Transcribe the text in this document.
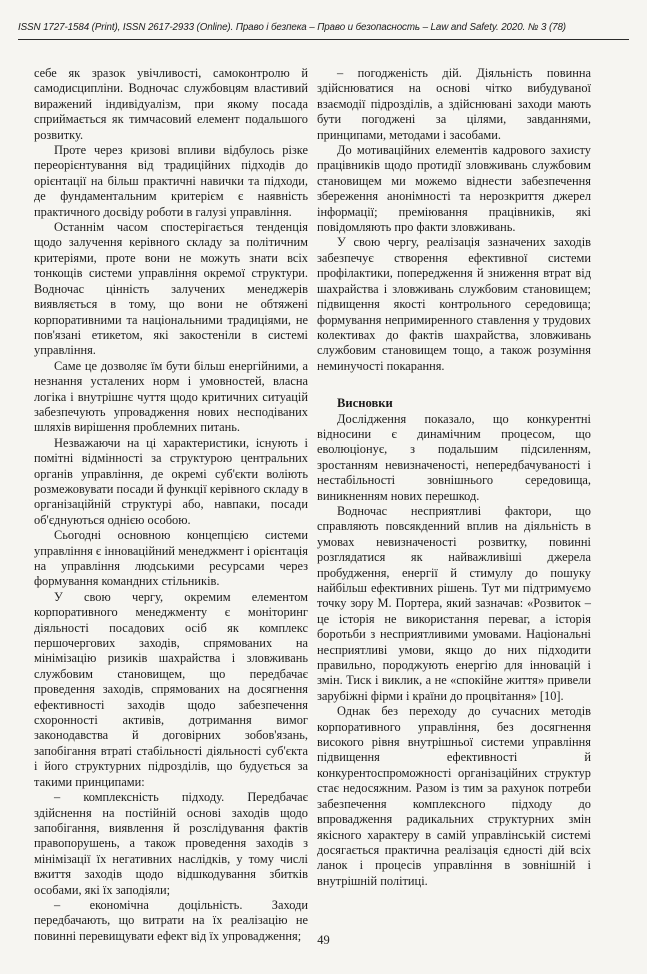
ISSN 1727-1584 (Print), ISSN 2617-2933 (Online). Право і безпека – Право и безопасность – Law and Safety. 2020. № 3 (78)

себе як зразок увічливості, самоконтролю й самодисципліни. Водночас службовцям властивий виражений індивідуалізм, при якому посада сприймається як тимчасовий елемент подальшого розвитку.

Проте через кризові впливи відбулось різке переорієнтування від традиційних підходів до орієнтації на більш практичні навички та підходи, де фундаментальним критерієм є наявність практичного досвіду роботи в галузі управління.

Останнім часом спостерігається тенденція щодо залучення керівного складу за політичним критеріями, проте вони не можуть знати всіх тонкощів системи управління окремої структури. Водночас цінність залучених менеджерів виявляється в тому, що вони не обтяжені корпоративними та національними традиціями, не пов'язані етикетом, які закостеніли в системі управління.

Саме це дозволяє їм бути більш енергійними, а незнання усталених норм і умовностей, власна логіка і внутрішнє чуття щодо критичних ситуацій забезпечують упровадження нових несподіваних шляхів вирішення проблемних питань.

Незважаючи на ці характеристики, існують і помітні відмінності за структурою центральних органів управління, де окремі суб'єкти воліють розмежовувати посади й функції керівного складу в організаційній структурі або, навпаки, посади об'єднуються однією особою.

Сьогодні основною концепцією системи управління є інноваційний менеджмент і орієнтація на управління людськими ресурсами через формування командних стільників.

У свою чергу, окремим елементом корпоративного менеджменту є моніторинг діяльності посадових осіб як комплекс першочергових заходів, спрямованих на мінімізацію ризиків шахрайства і зловживань службовим становищем, що передбачає проведення заходів, спрямованих на досягнення ефективності заходів щодо забезпечення схоронності активів, дотримання вимог законодавства й договірних зобов'язань, запобігання втраті стабільності діяльності суб'єкта і його структурних підрозділів, що будується за такими принципами:

– комплексність підходу. Передбачає здійснення на постійній основі заходів щодо запобігання, виявлення й розслідування фактів правопорушень, а також проведення заходів з мінімізації їх негативних наслідків, у тому числі вжиття заходів щодо відшкодування збитків особами, які їх заподіяли;

– економічна доцільність. Заходи передбачають, що витрати на їх реалізацію не повинні перевищувати ефект від їх упровадження;

– погодженість дій. Діяльність повинна здійснюватися на основі чітко вибудуваної взаємодії підрозділів, а здійснювані заходи мають бути погоджені за цілями, завданнями, принципами, методами і засобами.

До мотиваційних елементів кадрового захисту працівників щодо протидії зловживань службовим становищем ми можемо віднести забезпечення збереження анонімності та нерозкриття джерел інформації; преміювання працівників, які повідомляють про факти зловживань.

У свою чергу, реалізація зазначених заходів забезпечує створення ефективної системи профілактики, попередження й зниження втрат від шахрайства і зловживань службовим становищем; підвищення якості контрольного середовища; формування непримиренного ставлення у трудових колективах до фактів шахрайства, зловживань службовим становищем тощо, а також розуміння неминучості покарання.

Висновки

Дослідження показало, що конкурентні відносини є динамічним процесом, що еволюціонує, з подальшим підсиленням, зростанням невизначеності, непередбачуваності і нестабільності зовнішнього середовища, виникненням нових перешкод.

Водночас несприятливі фактори, що справляють повсякденний вплив на діяльність в умовах невизначеності розвитку, повинні розглядатися як найважливіші джерела пробудження, енергії й стимулу до пошуку найбільш ефективних рішень. Тут ми підтримуємо точку зору М. Портера, який зазначав: «Розвиток – це історія не використання переваг, а історія боротьби з несприятливими умовами. Національні несприятливі умови, якщо до них підходити правильно, породжують енергію для інновацій і змін. Тиск і виклик, а не «спокійне життя» привели зарубіжні фірми і країни до процвітання» [10].

Однак без переходу до сучасних методів корпоративного управління, без досягнення високого рівня внутрішньої системи управління підвищення ефективності й конкурентоспроможності організаційних структур стає недосяжним. Разом із тим за рахунок потреби забезпечення комплексного підходу до впровадження радикальних структурних змін якісного характеру в самій управлінській системі досягається практична реалізація єдності дій всіх ланок і процесів управління в зовнішній і внутрішній політиці.

49
